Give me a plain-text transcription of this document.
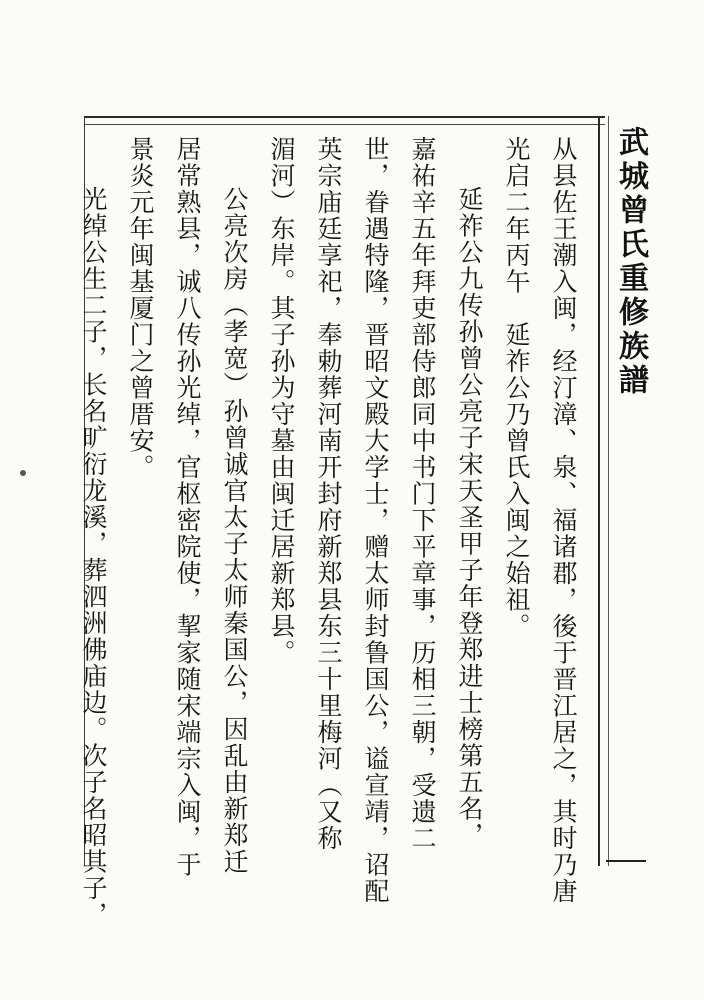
武城曾氏重修族譜
从县佐王潮入闽，经汀漳、泉、福诸郡，後于晋江居之，其时乃唐
光启二年丙午　延祚公乃曾氏入闽之始祖。
延祚公九传孙曾公亮子宋天圣甲子年登郑进士榜第五名，
嘉祐辛五年拜吏部侍郎同中书门下平章事，历相三朝，受遗二
世，眷遇特隆，晋昭文殿大学士，赠太师封鲁国公，谥宣靖，诏配
英宗庙廷享祀，奉勅葬河南开封府新郑县东三十里梅河（又称
湄河）东岸。其子孙为守墓由闽迁居新郑县。
公亮次房（孝宽）孙曾诚官太子太师秦国公，因乱由新郑迁
居常熟县，诚八传孙光绰，官枢密院使，挈家随宋端宗入闽，于
景炎元年闽基厦门之曾厝安。
光绰公生二子，长名旷衍龙溪，葬泗洲佛庙边。次子名昭其子，
